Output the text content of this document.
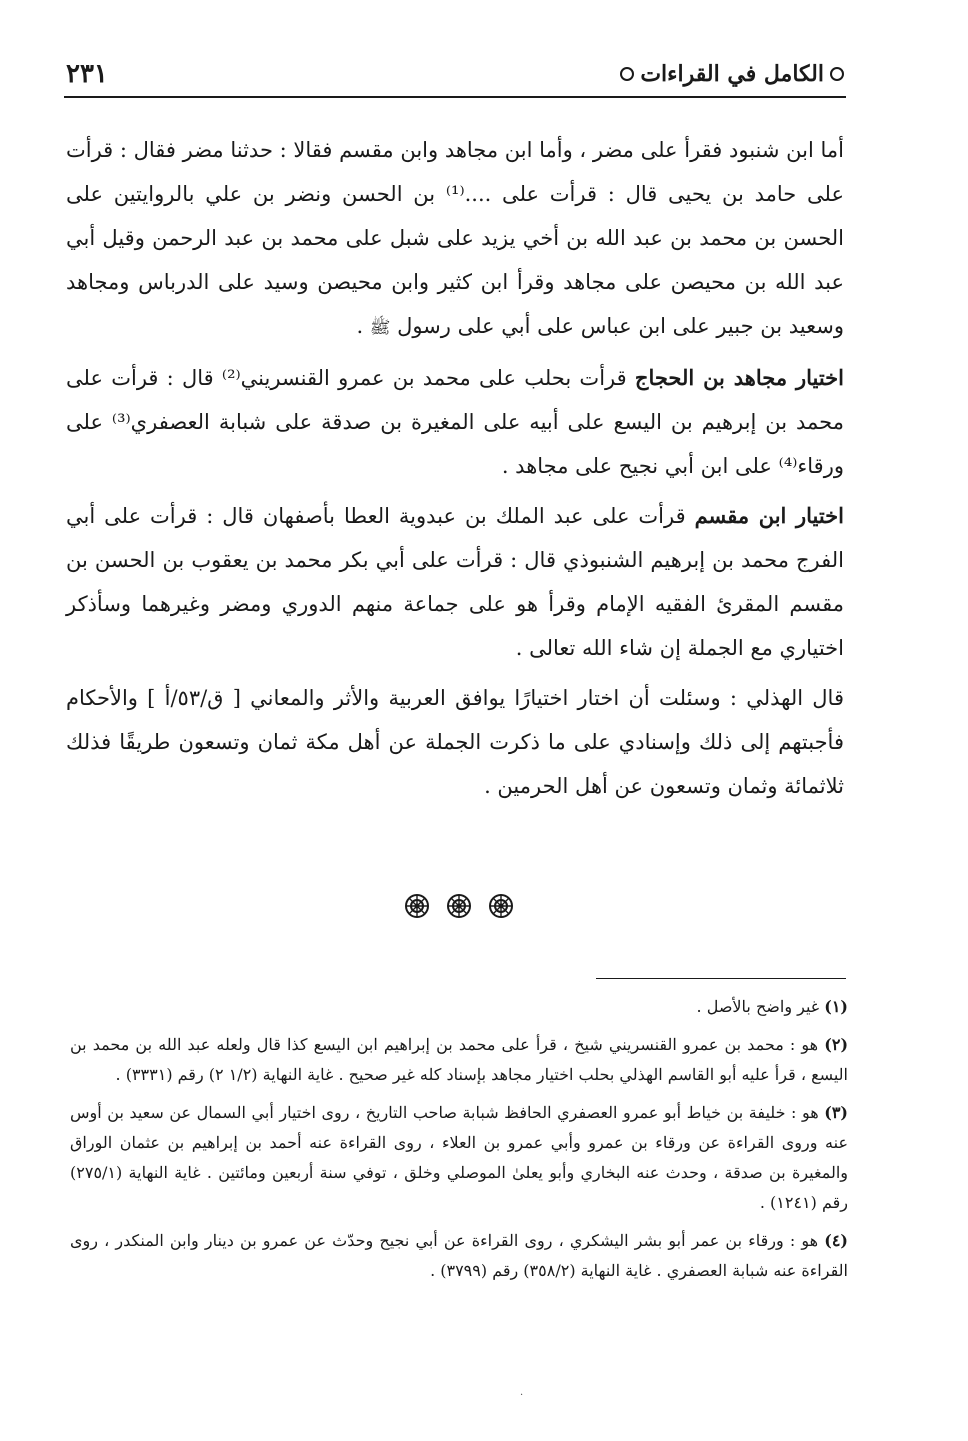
الكامل في القراءات
٢٣١

أما ابن شنبود فقرأ على مضر ، وأما ابن مجاهد وابن مقسم فقالا : حدثنا مضر فقال : قرأت على حامد بن يحيى قال : قرأت على ....⁽¹⁾ بن الحسن ونضر بن علي بالروايتين على الحسن بن محمد بن عبد الله بن أخي يزيد على شبل على محمد بن عبد الرحمن وقيل أبي عبد الله بن محيصن على مجاهد وقرأ ابن كثير وابن محيصن وسيد على الدرباس ومجاهد وسعيد بن جبير على ابن عباس على أبي على رسول ﷺ .

اختيار مجاهد بن الحجاج قرأت بحلب على محمد بن عمرو القنسريني⁽²⁾ قال : قرأت على محمد بن إبرهيم بن اليسع على أبيه على المغيرة بن صدقة على شبابة العصفري⁽³⁾ على ورقاء⁽⁴⁾ على ابن أبي نجيح على مجاهد .

اختيار ابن مقسم قرأت على عبد الملك بن عبدوية العطا بأصفهان قال : قرأت على أبي الفرج محمد بن إبرهيم الشنبوذي قال : قرأت على أبي بكر محمد بن يعقوب بن الحسن بن مقسم المقرئ الفقيه الإمام وقرأ هو على جماعة منهم الدوري ومضر وغيرهما وسأذكر اختياري مع الجملة إن شاء الله تعالى .

قال الهذلي : وسئلت أن اختار اختيارًا يوافق العربية والأثر والمعاني [ ق/٥٣/أ ] والأحكام فأجبتهم إلى ذلك وإسنادي على ما ذكرت الجملة عن أهل مكة ثمان وتسعون طريقًا فذلك ثلاثمائة وثمان وتسعون عن أهل الحرمين .

(١) غير واضح بالأصل .

(٢) هو : محمد بن عمرو القنسريني شيخ ، قرأ على محمد بن إبراهيم ابن اليسع كذا قال ولعله عبد الله بن محمد بن اليسع ، قرأ عليه أبو القاسم الهذلي بحلب اختيار مجاهد بإسناد كله غير صحيح . غاية النهاية (١/٢ ٢) رقم (٣٣٣١) .

(٣) هو : خليفة بن خياط أبو عمرو العصفري الحافظ شبابة صاحب التاريخ ، روى اختيار أبي السمال عن سعيد بن أوس عنه وروى القراءة عن ورقاء بن عمرو وأبي عمرو بن العلاء ، روى القراءة عنه أحمد بن إبراهيم بن عثمان الوراق والمغيرة بن صدقة ، وحدث عنه البخاري وأبو يعلىٰ الموصلي وخلق ، توفي سنة أربعين ومائتين . غاية النهاية (٢٧٥/١) رقم (١٢٤١) .

(٤) هو : ورقاء بن عمر أبو بشر اليشكري ، روى القراءة عن أبي نجيح وحدّث عن عمرو بن دينار وابن المنكدر ، روى القراءة عنه شبابة العصفري . غاية النهاية (٣٥٨/٢) رقم (٣٧٩٩) .

·
